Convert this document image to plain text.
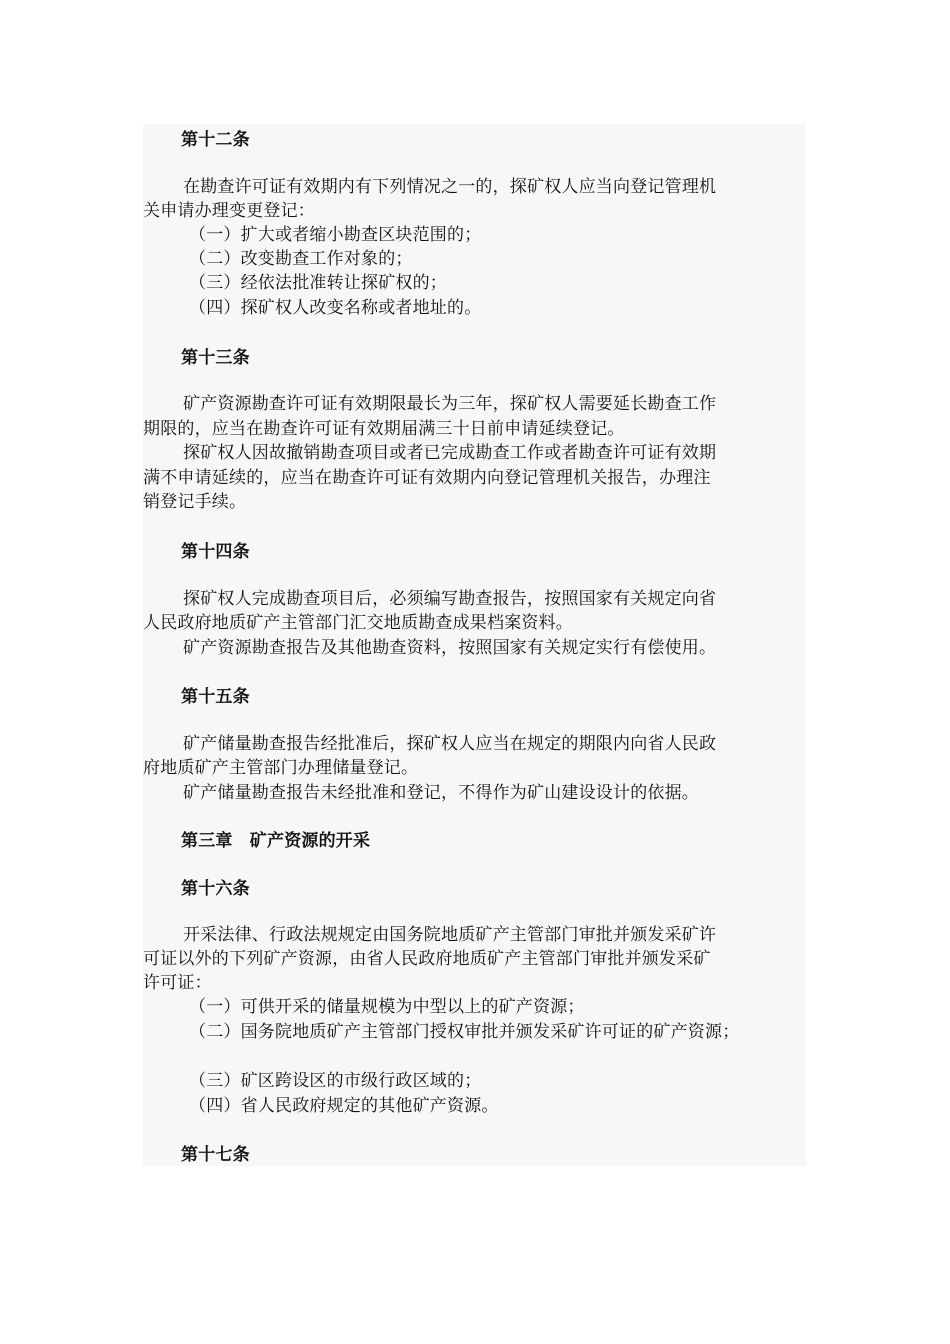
第十二条
在勘查许可证有效期内有下列情况之一的，探矿权人应当向登记管理机
关申请办理变更登记：
（一）扩大或者缩小勘查区块范围的；
（二）改变勘查工作对象的；
（三）经依法批准转让探矿权的；
（四）探矿权人改变名称或者地址的。
第十三条
矿产资源勘查许可证有效期限最长为三年，探矿权人需要延长勘查工作
期限的，应当在勘查许可证有效期届满三十日前申请延续登记。
探矿权人因故撤销勘查项目或者已完成勘查工作或者勘查许可证有效期
满不申请延续的，应当在勘查许可证有效期内向登记管理机关报告，办理注
销登记手续。
第十四条
探矿权人完成勘查项目后，必须编写勘查报告，按照国家有关规定向省
人民政府地质矿产主管部门汇交地质勘查成果档案资料。
矿产资源勘查报告及其他勘查资料，按照国家有关规定实行有偿使用。
第十五条
矿产储量勘查报告经批准后，探矿权人应当在规定的期限内向省人民政
府地质矿产主管部门办理储量登记。
矿产储量勘查报告未经批准和登记，不得作为矿山建设设计的依据。
第三章　矿产资源的开采
第十六条
开采法律、行政法规规定由国务院地质矿产主管部门审批并颁发采矿许
可证以外的下列矿产资源，由省人民政府地质矿产主管部门审批并颁发采矿
许可证：
（一）可供开采的储量规模为中型以上的矿产资源；
（二）国务院地质矿产主管部门授权审批并颁发采矿许可证的矿产资源；
（三）矿区跨设区的市级行政区域的；
（四）省人民政府规定的其他矿产资源。
第十七条
